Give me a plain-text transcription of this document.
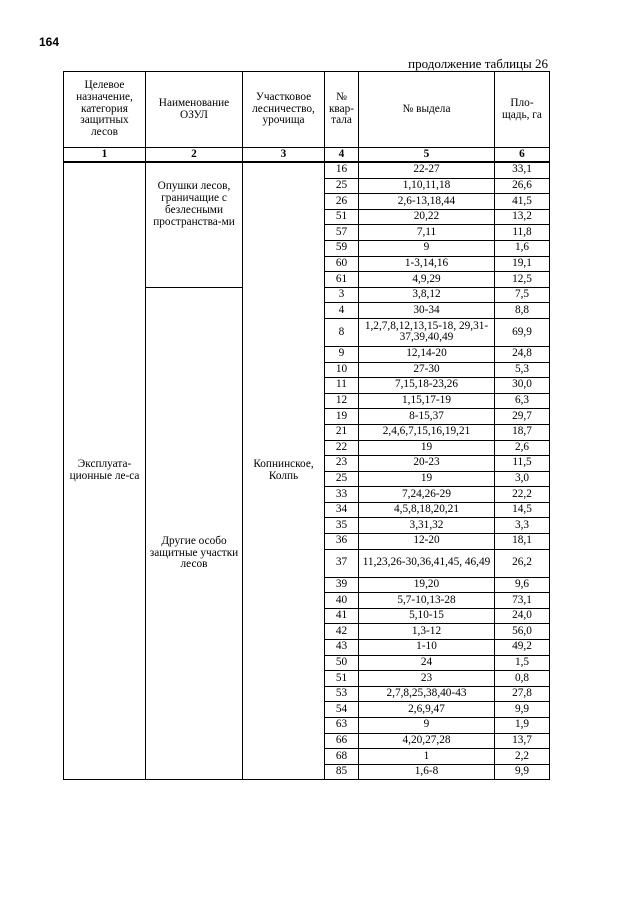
164
продолжение таблицы 26
Целевое назначение, категория защитных лесов	Наименование ОЗУЛ	Участковое лесничество, урочища	№ квар-тала	№ выдела	Пло-щадь, га
1	2	3	4	5	6
Эксплуата-ционные ле-са	Опушки лесов, граничащие с безлесными пространства-ми	Копнинское, Колпь	16	22-27	33,1
			25	1,10,11,18	26,6
			26	2,6-13,18,44	41,5
			51	20,22	13,2
			57	7,11	11,8
			59	9	1,6
			60	1-3,14,16	19,1
			61	4,9,29	12,5
	Другие особо защитные участки лесов		3	3,8,12	7,5
			4	30-34	8,8
			8	1,2,7,8,12,13,15-18, 29,31-37,39,40,49	69,9
			9	12,14-20	24,8
			10	27-30	5,3
			11	7,15,18-23,26	30,0
			12	1,15,17-19	6,3
			19	8-15,37	29,7
			21	2,4,6,7,15,16,19,21	18,7
			22	19	2,6
			23	20-23	11,5
			25	19	3,0
			33	7,24,26-29	22,2
			34	4,5,8,18,20,21	14,5
			35	3,31,32	3,3
			36	12-20	18,1
			37	11,23,26-30,36,41,45, 46,49	26,2
			39	19,20	9,6
			40	5,7-10,13-28	73,1
			41	5,10-15	24,0
			42	1,3-12	56,0
			43	1-10	49,2
			50	24	1,5
			51	23	0,8
			53	2,7,8,25,38,40-43	27,8
			54	2,6,9,47	9,9
			63	9	1,9
			66	4,20,27,28	13,7
			68	1	2,2
			85	1,6-8	9,9
